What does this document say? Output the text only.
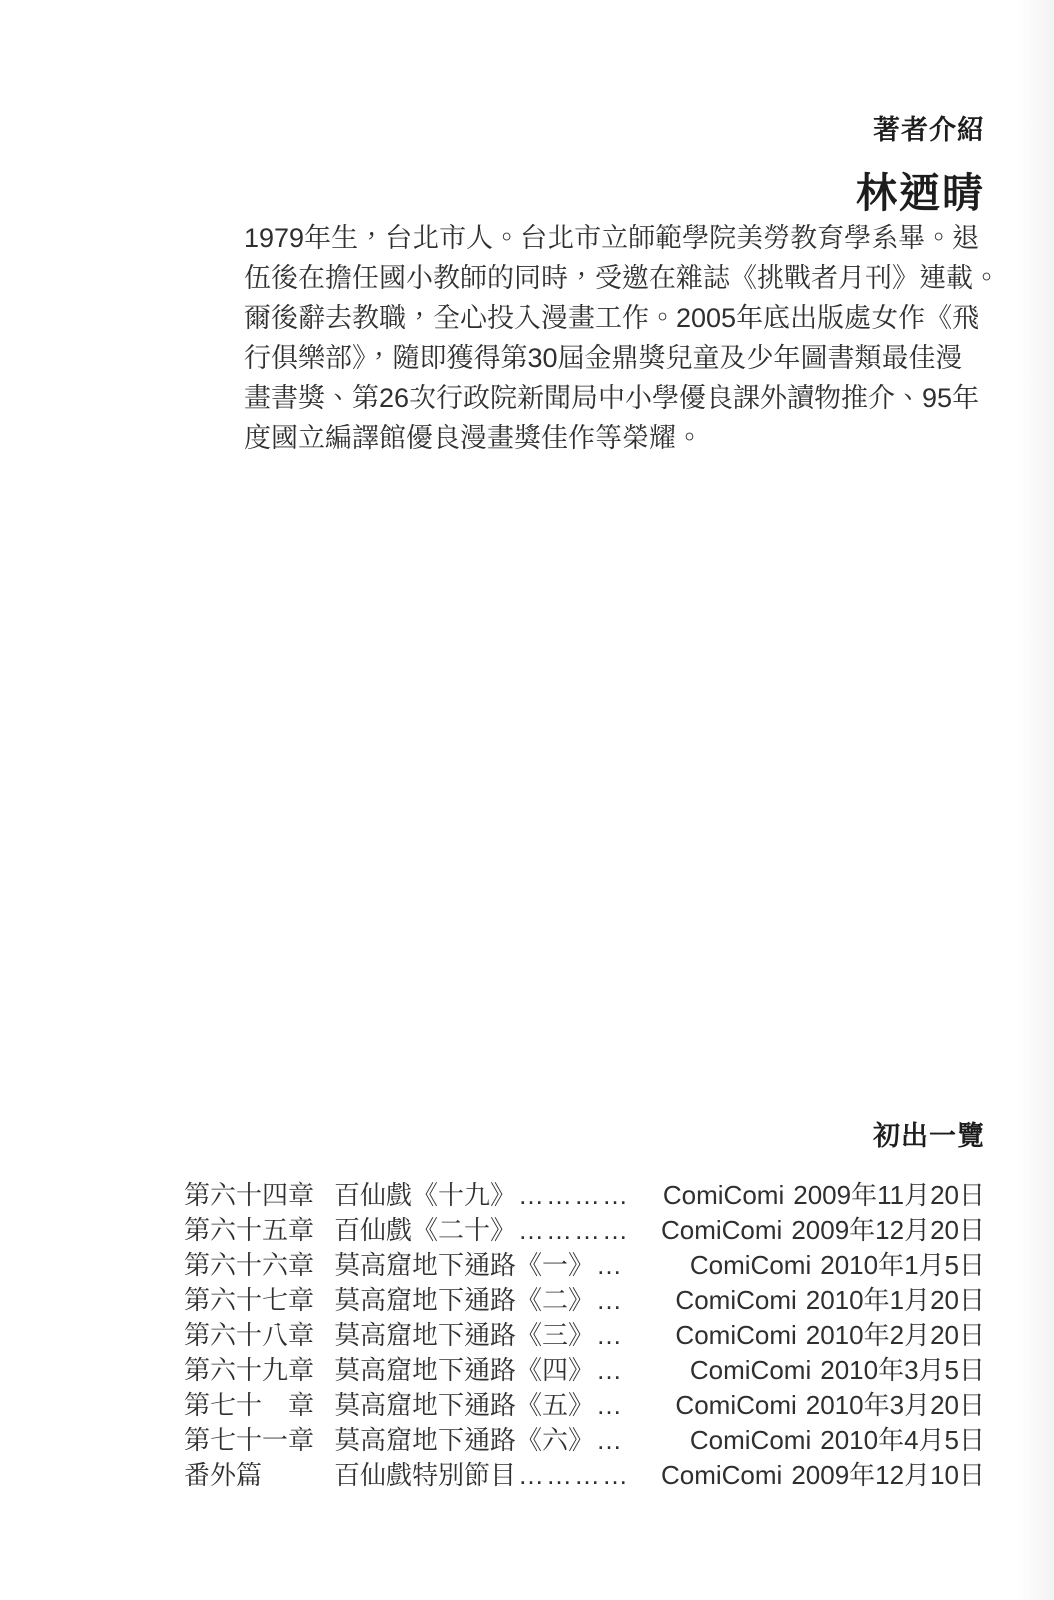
著者介紹
林迺晴
1979年生，台北市人。台北市立師範學院美勞教育學系畢。退
伍後在擔任國小教師的同時，受邀在雜誌《挑戰者月刊》連載。
爾後辭去教職，全心投入漫畫工作。2005年底出版處女作《飛
行俱樂部》，隨即獲得第30屆金鼎獎兒童及少年圖書類最佳漫
畫書獎、第26次行政院新聞局中小學優良課外讀物推介、95年
度國立編譯館優良漫畫獎佳作等榮耀。
初出一覽
第六十四章 百仙戲《十九》 ………… ComiComi 2009年11月20日
第六十五章 百仙戲《二十》 ………… ComiComi 2009年12月20日
第六十六章 莫高窟地下通路《一》 …	ComiComi 2010年1月5日
第六十七章 莫高窟地下通路《二》 … ComiComi 2010年1月20日
第六十八章 莫高窟地下通路《三》 … ComiComi 2010年2月20日
第六十九章 莫高窟地下通路《四》 …	ComiComi 2010年3月5日
第七十　章 莫高窟地下通路《五》 … ComiComi 2010年3月20日
第七十一章 莫高窟地下通路《六》 …	ComiComi 2010年4月5日
番外篇	百仙戲特別節目 ………… ComiComi 2009年12月10日
